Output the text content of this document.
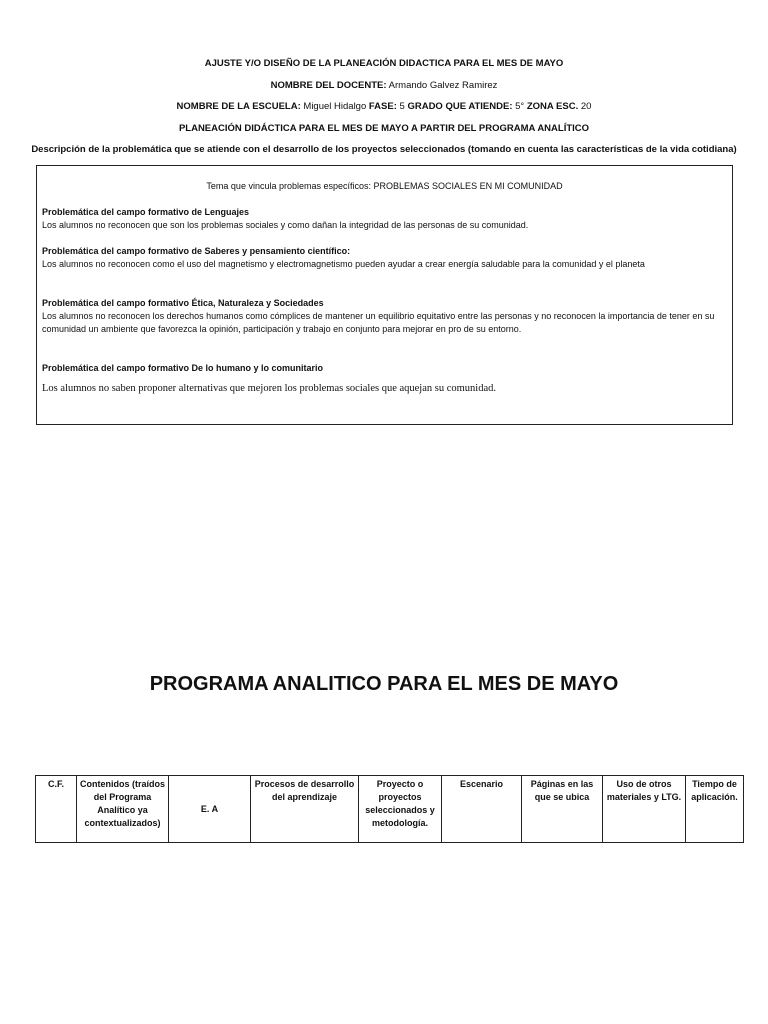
AJUSTE Y/O DISEÑO DE LA PLANEACIÓN DIDACTICA PARA EL MES DE MAYO
NOMBRE DEL DOCENTE: Armando Galvez Ramirez
NOMBRE DE LA ESCUELA: Miguel Hidalgo FASE: 5 GRADO QUE ATIENDE: 5° ZONA ESC. 20
PLANEACIÓN DIDÁCTICA PARA EL MES DE MAYO A PARTIR DEL PROGRAMA ANALÍTICO
Descripción de la problemática que se atiende con el desarrollo de los proyectos seleccionados (tomando en cuenta las características de la vida cotidiana)
Tema que vincula problemas específicos: PROBLEMAS SOCIALES EN MI COMUNIDAD
Problemática del campo formativo de Lenguajes
Los alumnos no reconocen que son los problemas sociales y como dañan la integridad de las personas de su comunidad.
Problemática del campo formativo de Saberes y pensamiento científico:
Los alumnos no reconocen como el uso del magnetismo y electromagnetismo pueden ayudar a crear energía saludable para la comunidad y el planeta
Problemática del campo formativo Ética, Naturaleza y Sociedades
Los alumnos no reconocen los derechos humanos como cómplices de mantener un equilibrio equitativo entre las personas y no reconocen la importancia de tener en su comunidad un ambiente que favorezca la opinión, participación y trabajo en conjunto para mejorar en pro de su entorno.
Problemática del campo formativo De lo humano y lo comunitario
Los alumnos no saben proponer alternativas que mejoren los problemas sociales que aquejan su comunidad.
PROGRAMA ANALITICO PARA EL MES DE MAYO
C.F.	Contenidos (traídos del Programa Analítico ya contextualizados)	E. A	Procesos de desarrollo del aprendizaje	Proyecto o proyectos seleccionados y metodología.	Escenario	Páginas en las que se ubica	Uso de otros materiales y LTG.	Tiempo de aplicación.
